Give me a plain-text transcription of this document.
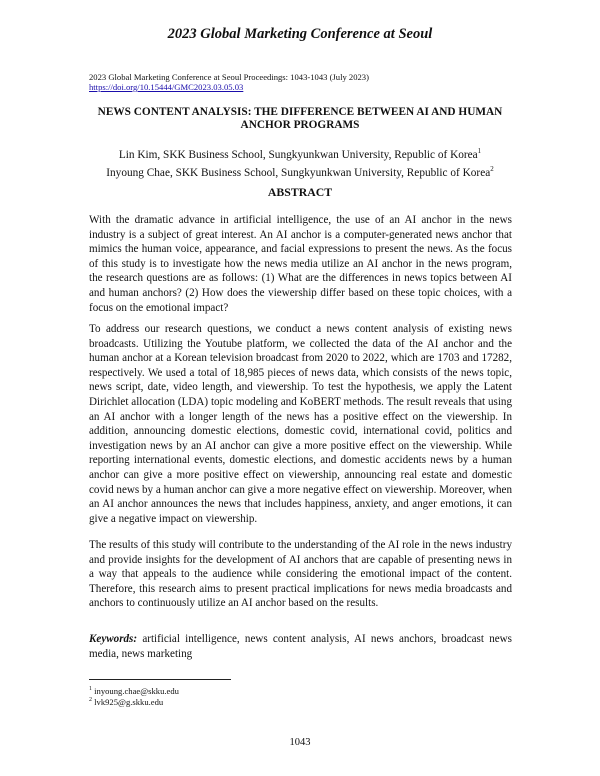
2023 Global Marketing Conference at Seoul
2023 Global Marketing Conference at Seoul Proceedings: 1043-1043 (July 2023)
https://doi.org/10.15444/GMC2023.03.05.03
NEWS CONTENT ANALYSIS: THE DIFFERENCE BETWEEN AI AND HUMAN ANCHOR PROGRAMS
Lin Kim, SKK Business School, Sungkyunkwan University, Republic of Korea$^1$
Inyoung Chae, SKK Business School, Sungkyunkwan University, Republic of Korea$^2$
ABSTRACT

With the dramatic advance in artificial intelligence, the use of an AI anchor in the news industry is a subject of great interest. An AI anchor is a computer-generated news anchor that mimics the human voice, appearance, and facial expressions to present the news. As the focus of this study is to investigate how the news media utilize an AI anchor in the news program, the research questions are as follows: (1) What are the differences in news topics between AI and human anchors? (2) How does the viewership differ based on these topic choices, with a focus on the emotional impact?

To address our research questions, we conduct a news content analysis of existing news broadcasts. Utilizing the Youtube platform, we collected the data of the AI anchor and the human anchor at a Korean television broadcast from 2020 to 2022, which are 1703 and 17282, respectively. We used a total of 18,985 pieces of news data, which consists of the news topic, news script, date, video length, and viewership. To test the hypothesis, we apply the Latent Dirichlet allocation (LDA) topic modeling and KoBERT methods. The result reveals that using an AI anchor with a longer length of the news has a positive effect on the viewership. In addition, announcing domestic elections, domestic covid, international covid, politics and investigation news by an AI anchor can give a more positive effect on the viewership. While reporting international events, domestic elections, and domestic accidents news by a human anchor can give a more positive effect on viewership, announcing real estate and domestic covid news by a human anchor can give a more negative effect on viewership. Moreover, when an AI anchor announces the news that includes happiness, anxiety, and anger emotions, it can give a negative impact on viewership.

The results of this study will contribute to the understanding of the AI role in the news industry and provide insights for the development of AI anchors that are capable of presenting news in a way that appeals to the audience while considering the emotional impact of the content. Therefore, this research aims to present practical implications for news media broadcasts and anchors to continuously utilize an AI anchor based on the results.

Keywords: artificial intelligence, news content analysis, AI news anchors, broadcast news media, news marketing

$^1$ inyoung.chae@skku.edu
$^2$ lvk925@g.skku.edu
1043
